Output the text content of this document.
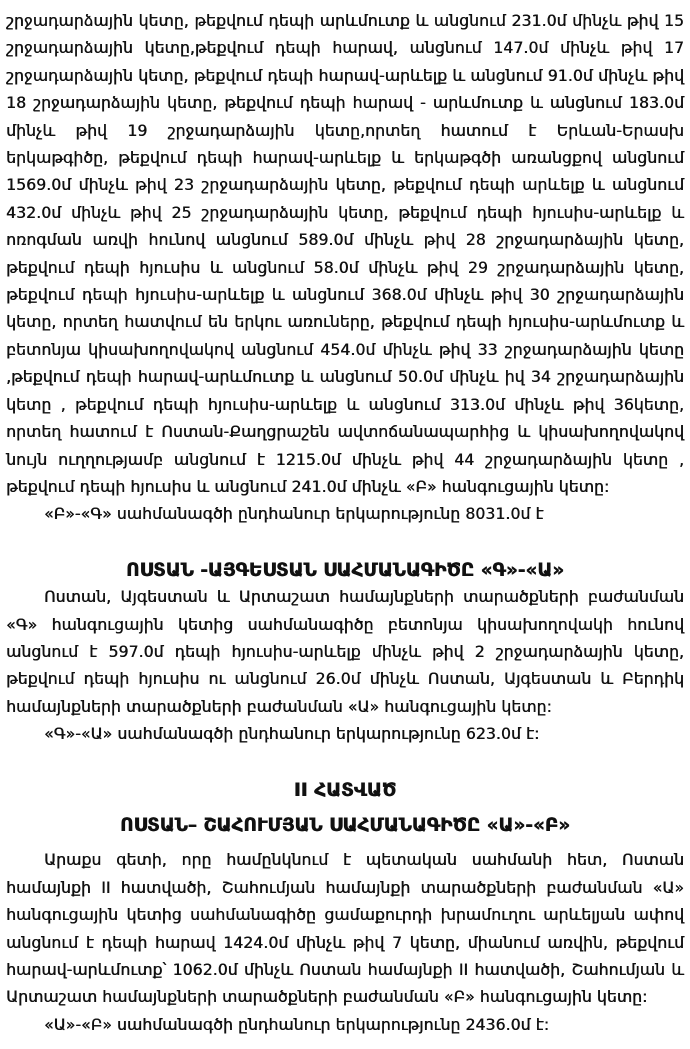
շրջադարձային կետը, թեքվում դեպի արևմուտք և անցնում 231.0մ մինչև թիվ 15 շրջադարձային կետը,թեքվում դեպի հարավ, անցնում 147.0մ մինչև թիվ 17 շրջադարձային կետը, թեքվում դեպի հարավ-արևելք և անցնում 91.0մ մինչև թիվ 18 շրջադարձային կետը, թեքվում դեպի հարավ - արևմուտք և անցնում 183.0մ մինչև թիվ 19 շրջադարձային կետը,որտեղ հատում է Երևան-Երասխ երկաթգիծը, թեքվում դեպի հարավ-արևելք և երկաթգծի առանցքով անցնում 1569.0մ մինչև թիվ 23 շրջադարձային կետը, թեքվում դեպի արևելք և անցնում 432.0մ մինչև թիվ 25 շրջադարձային կետը, թեքվում դեպի հյուսիս-արևելք և ոռոգման առվի հունով անցնում 589.0մ մինչև թիվ 28 շրջադարձային կետը, թեքվում դեպի հյուսիս և անցնում 58.0մ մինչև թիվ 29 շրջադարձային կետը, թեքվում դեպի հյուսիս-արևելք և անցնում 368.0մ մինչև թիվ 30 շրջադարձային կետը, որտեղ հատվում են երկու առուները, թեքվում դեպի հյուսիս-արևմուտք և բետոնյա կիսախողովակով անցնում 454.0մ մինչև թիվ 33 շրջադարձային կետը ,թեքվում դեպի հարավ-արևմուտք և անցնում 50.0մ մինչև իվ 34 շրջադարձային կետը , թեքվում դեպի հյուսիս-արևելք և անցնում 313.0մ մինչև թիվ 36կետը, որտեղ հատում է Ոստան-Քաղցրաշեն ավտոճանապարհից և կիսախողովակով նույն ուղղությամբ անցնում է 1215.0մ մինչև թիվ 44 շրջադարձային կետը , թեքվում դեպի հյուսիս և անցնում 241.0մ մինչև «Բ» հանգուցային կետը:

«Բ»-«Գ» սահմանագծի ընդհանուր երկարությունը 8031.0մ է

ՈՍՏԱՆ -ԱՅԳԵՍՏԱՆ ՍԱՀՄԱՆԱԳԻԾԸ «Գ»-«Ա»

Ոստան, Այգեստան և Արտաշատ համայնքների տարածքների բաժանման «Գ» հանգուցային կետից սահմանագիծը բետոնյա կիսախողովակի հունով անցնում է 597.0մ դեպի հյուսիս-արևելք մինչև թիվ 2 շրջադարձային կետը, թեքվում դեպի հյուսիս ու անցնում 26.0մ մինչև Ոստան, Այգեստան և Բերդիկ համայնքների տարածքների բաժանման «Ա» հանգուցային կետը:

«Գ»-«Ա» սահմանագծի ընդհանուր երկարությունը 623.0մ է:

II ՀԱՏՎԱԾ
ՈՍՏԱՆ– ՇԱՀՈՒՄՅԱՆ ՍԱՀՄԱՆԱԳԻԾԸ «Ա»-«Բ»

Արաքս գետի, որը համընկնում է պետական սահմանի հետ, Ոստան համայնքի II հատվածի, Շահումյան համայնքի տարածքների բաժանման «Ա» հանգուցային կետից սահմանագիծը ցամաքուրդի խրամուղու արևելյան ափով անցնում է դեպի հարավ 1424.0մ մինչև թիվ 7 կետը, միանում առվին, թեքվում հարավ-արևմուտք՝ 1062.0մ մինչև Ոստան համայնքի II հատվածի, Շահումյան և Արտաշատ համայնքների տարածքների բաժանման «Բ» հանգուցային կետը:

«Ա»-«Բ» սահմանագծի ընդհանուր երկարությունը 2436.0մ է:
